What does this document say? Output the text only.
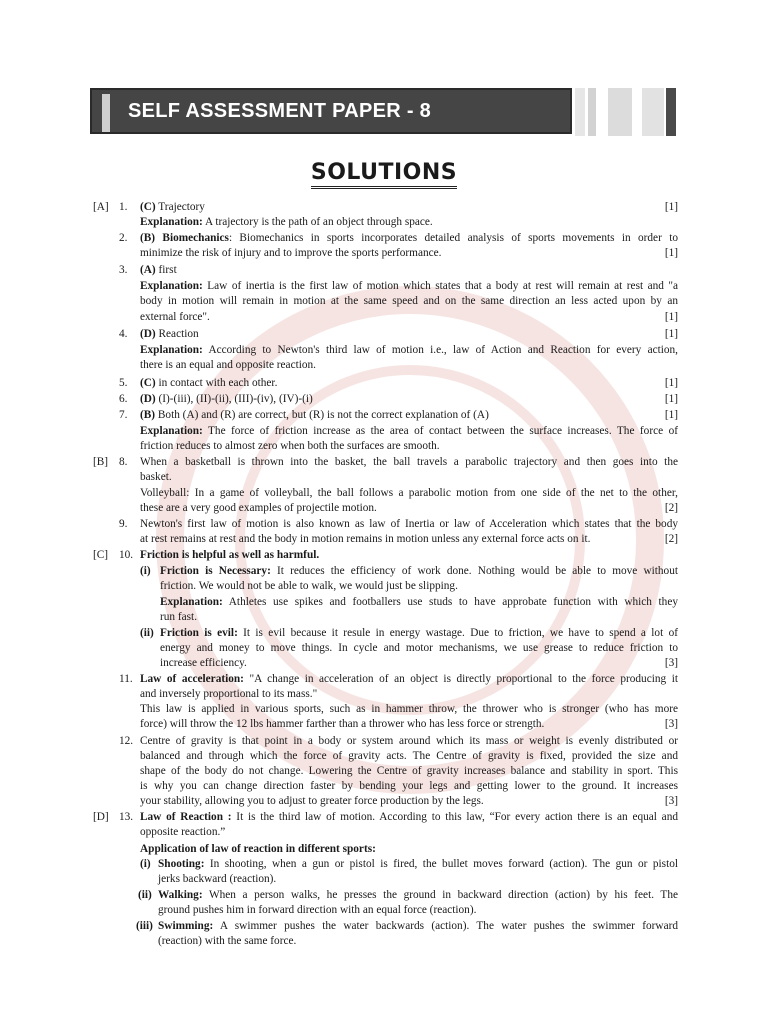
SELF ASSESSMENT PAPER - 8
SOLUTIONS
[A] 1. (C) Trajectory	[1]
Explanation: A trajectory is the path of an object through space.
2. (B) Biomechanics: Biomechanics in sports incorporates detailed analysis of sports movements in order to
minimize the risk of injury and to improve the sports performance.	[1]
3. (A) first
Explanation: Law of inertia is the first law of motion which states that a body at rest will remain at rest and "a
body in motion will remain in motion at the same speed and on the same direction an less acted upon by an
external force".	[1]
4. (D) Reaction	[1]
Explanation: According to Newton's third law of motion i.e., law of Action and Reaction for every action,
there is an equal and opposite reaction.
5. (C) in contact with each other.	[1]
6. (D) (I)-(iii), (II)-(ii), (III)-(iv), (IV)-(i)	[1]
7. (B) Both (A) and (R) are correct, but (R) is not the correct explanation of (A)	[1]
Explanation: The force of friction increase as the area of contact between the surface increases. The force of
friction reduces to almost zero when both the surfaces are smooth.
[B] 8. When a basketball is thrown into the basket, the ball travels a parabolic trajectory and then goes into the
basket.
Volleyball: In a game of volleyball, the ball follows a parabolic motion from one side of the net to the other,
these are a very good examples of projectile motion.	[2]
9. Newton's first law of motion is also known as law of Inertia or law of Acceleration which states that the body
at rest remains at rest and the body in motion remains in motion unless any external force acts on it.	[2]
[C] 10. Friction is helpful as well as harmful.
(i) Friction is Necessary: It reduces the efficiency of work done. Nothing would be able to move without
friction. We would not be able to walk, we would just be slipping.
Explanation: Athletes use spikes and footballers use studs to have approbate function with which they
run fast.
(ii) Friction is evil: It is evil because it resule in energy wastage. Due to friction, we have to spend a lot of
energy and money to move things. In cycle and motor mechanisms, we use grease to reduce friction to
increase efficiency.	[3]
11. Law of acceleration: "A change in acceleration of an object is directly proportional to the force producing it
and inversely proportional to its mass."
This law is applied in various sports, such as in hammer throw, the thrower who is stronger (who has more
force) will throw the 12 lbs hammer farther than a thrower who has less force or strength.	[3]
12. Centre of gravity is that point in a body or system around which its mass or weight is evenly distributed or
balanced and through which the force of gravity acts. The Centre of gravity is fixed, provided the size and
shape of the body do not change. Lowering the Centre of gravity increases balance and stability in sport. This
is why you can change direction faster by bending your legs and getting lower to the ground. It increases
your stability, allowing you to adjust to greater force production by the legs.	[3]
[D] 13. Law of Reaction : It is the third law of motion. According to this law, “For every action there is an equal and
opposite reaction.”
Application of law of reaction in different sports:
(i) Shooting: In shooting, when a gun or pistol is fired, the bullet moves forward (action). The gun or pistol
jerks backward (reaction).
(ii) Walking: When a person walks, he presses the ground in backward direction (action) by his feet. The
ground pushes him in forward direction with an equal force (reaction).
(iii) Swimming: A swimmer pushes the water backwards (action). The water pushes the swimmer forward
(reaction) with the same force.
